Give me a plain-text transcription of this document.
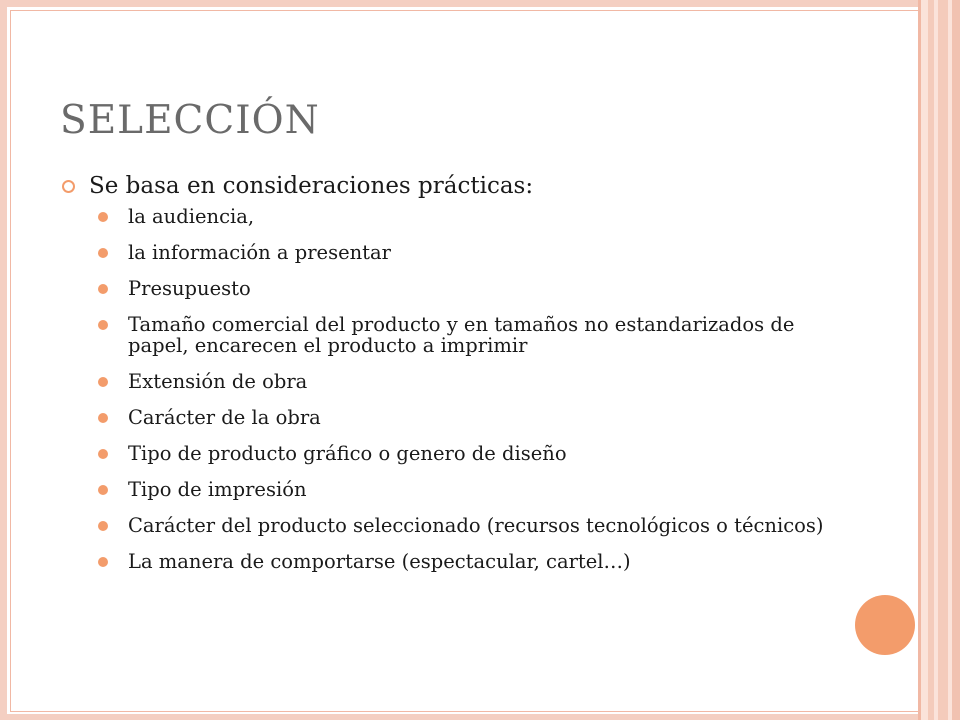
SELECCIÓN
Se basa en consideraciones prácticas:
la audiencia,
la información a presentar
Presupuesto
Tamaño comercial del producto y en tamaños no estandarizados de papel, encarecen el producto a imprimir
Extensión de obra
Carácter de la obra
Tipo de producto gráfico o genero de diseño
Tipo de impresión
Carácter del producto seleccionado (recursos tecnológicos o técnicos)
La manera de comportarse (espectacular, cartel…)
